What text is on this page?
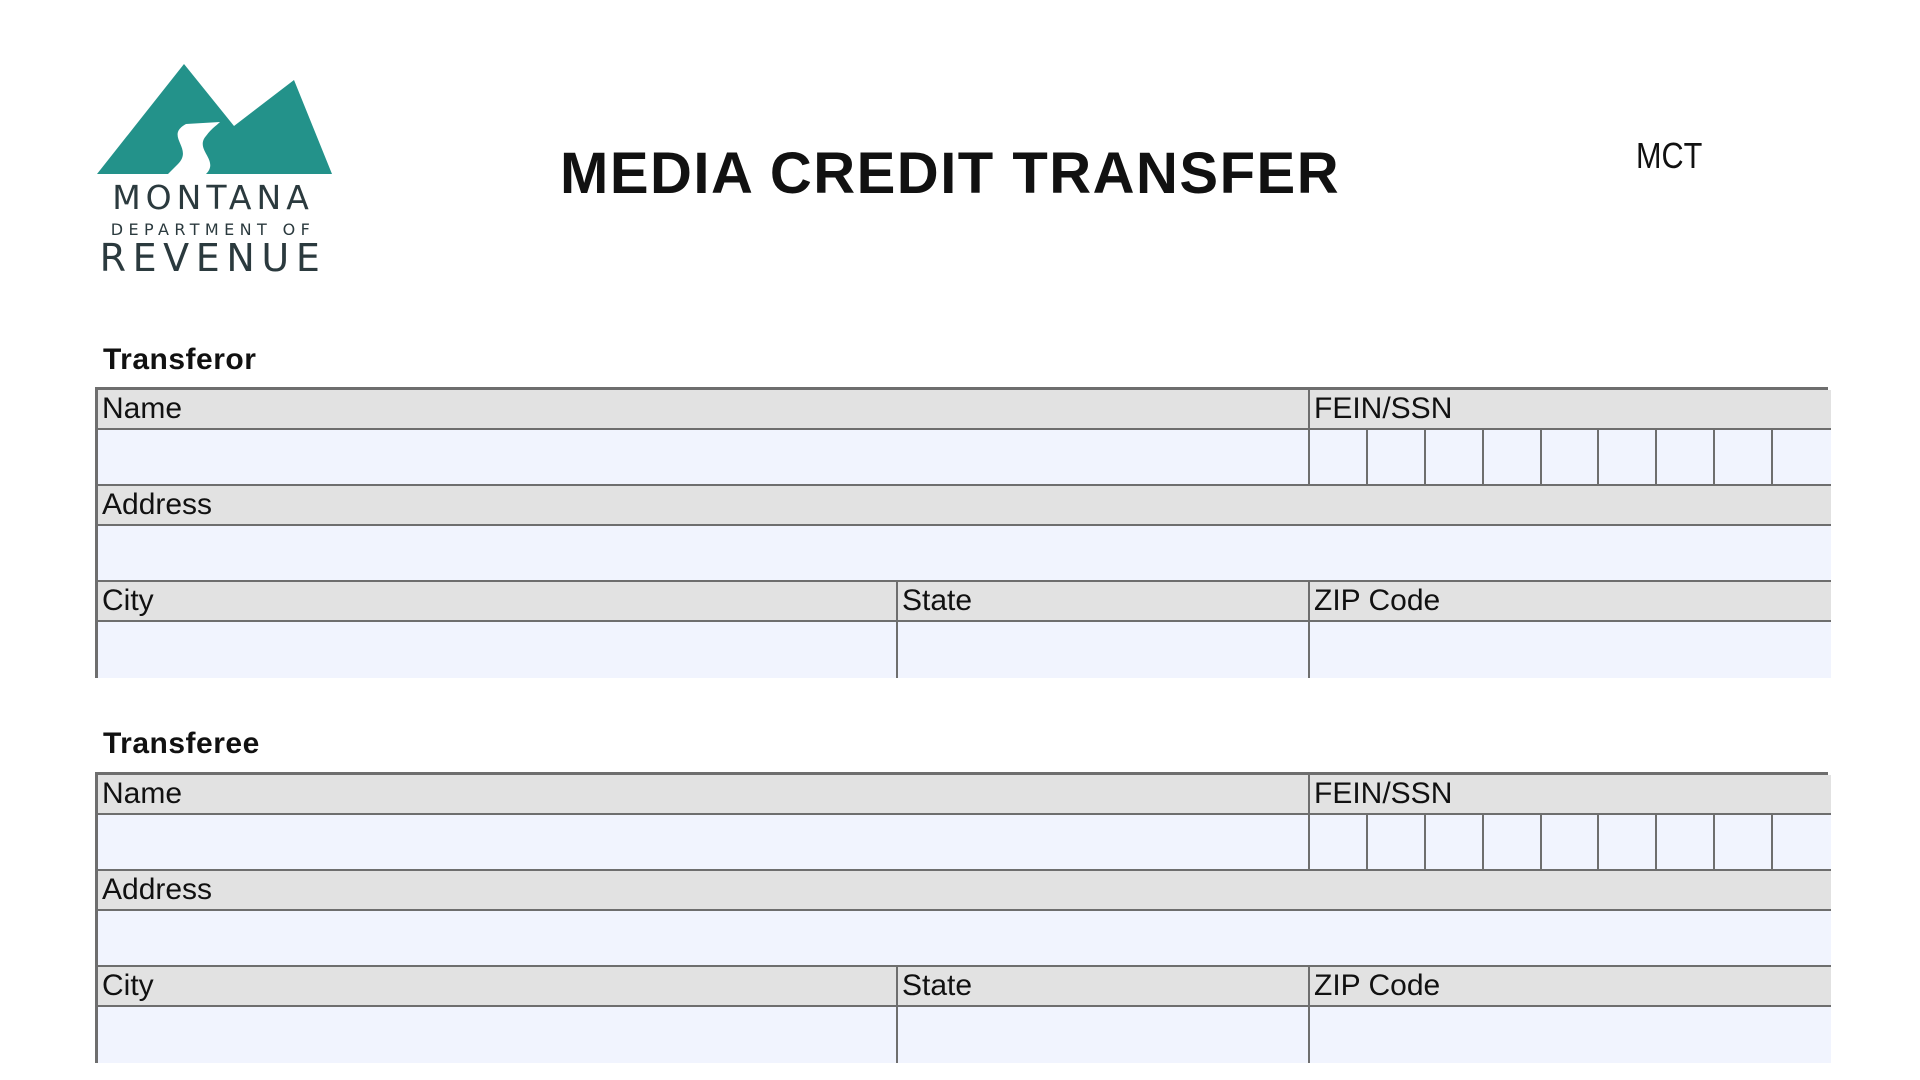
MONTANA
DEPARTMENT OF
REVENUE
MEDIA CREDIT TRANSFER	MCT
Transferor
Name	FEIN/SSN
Address
City	State	ZIP Code
Transferee
Name	FEIN/SSN
Address
City	State	ZIP Code
